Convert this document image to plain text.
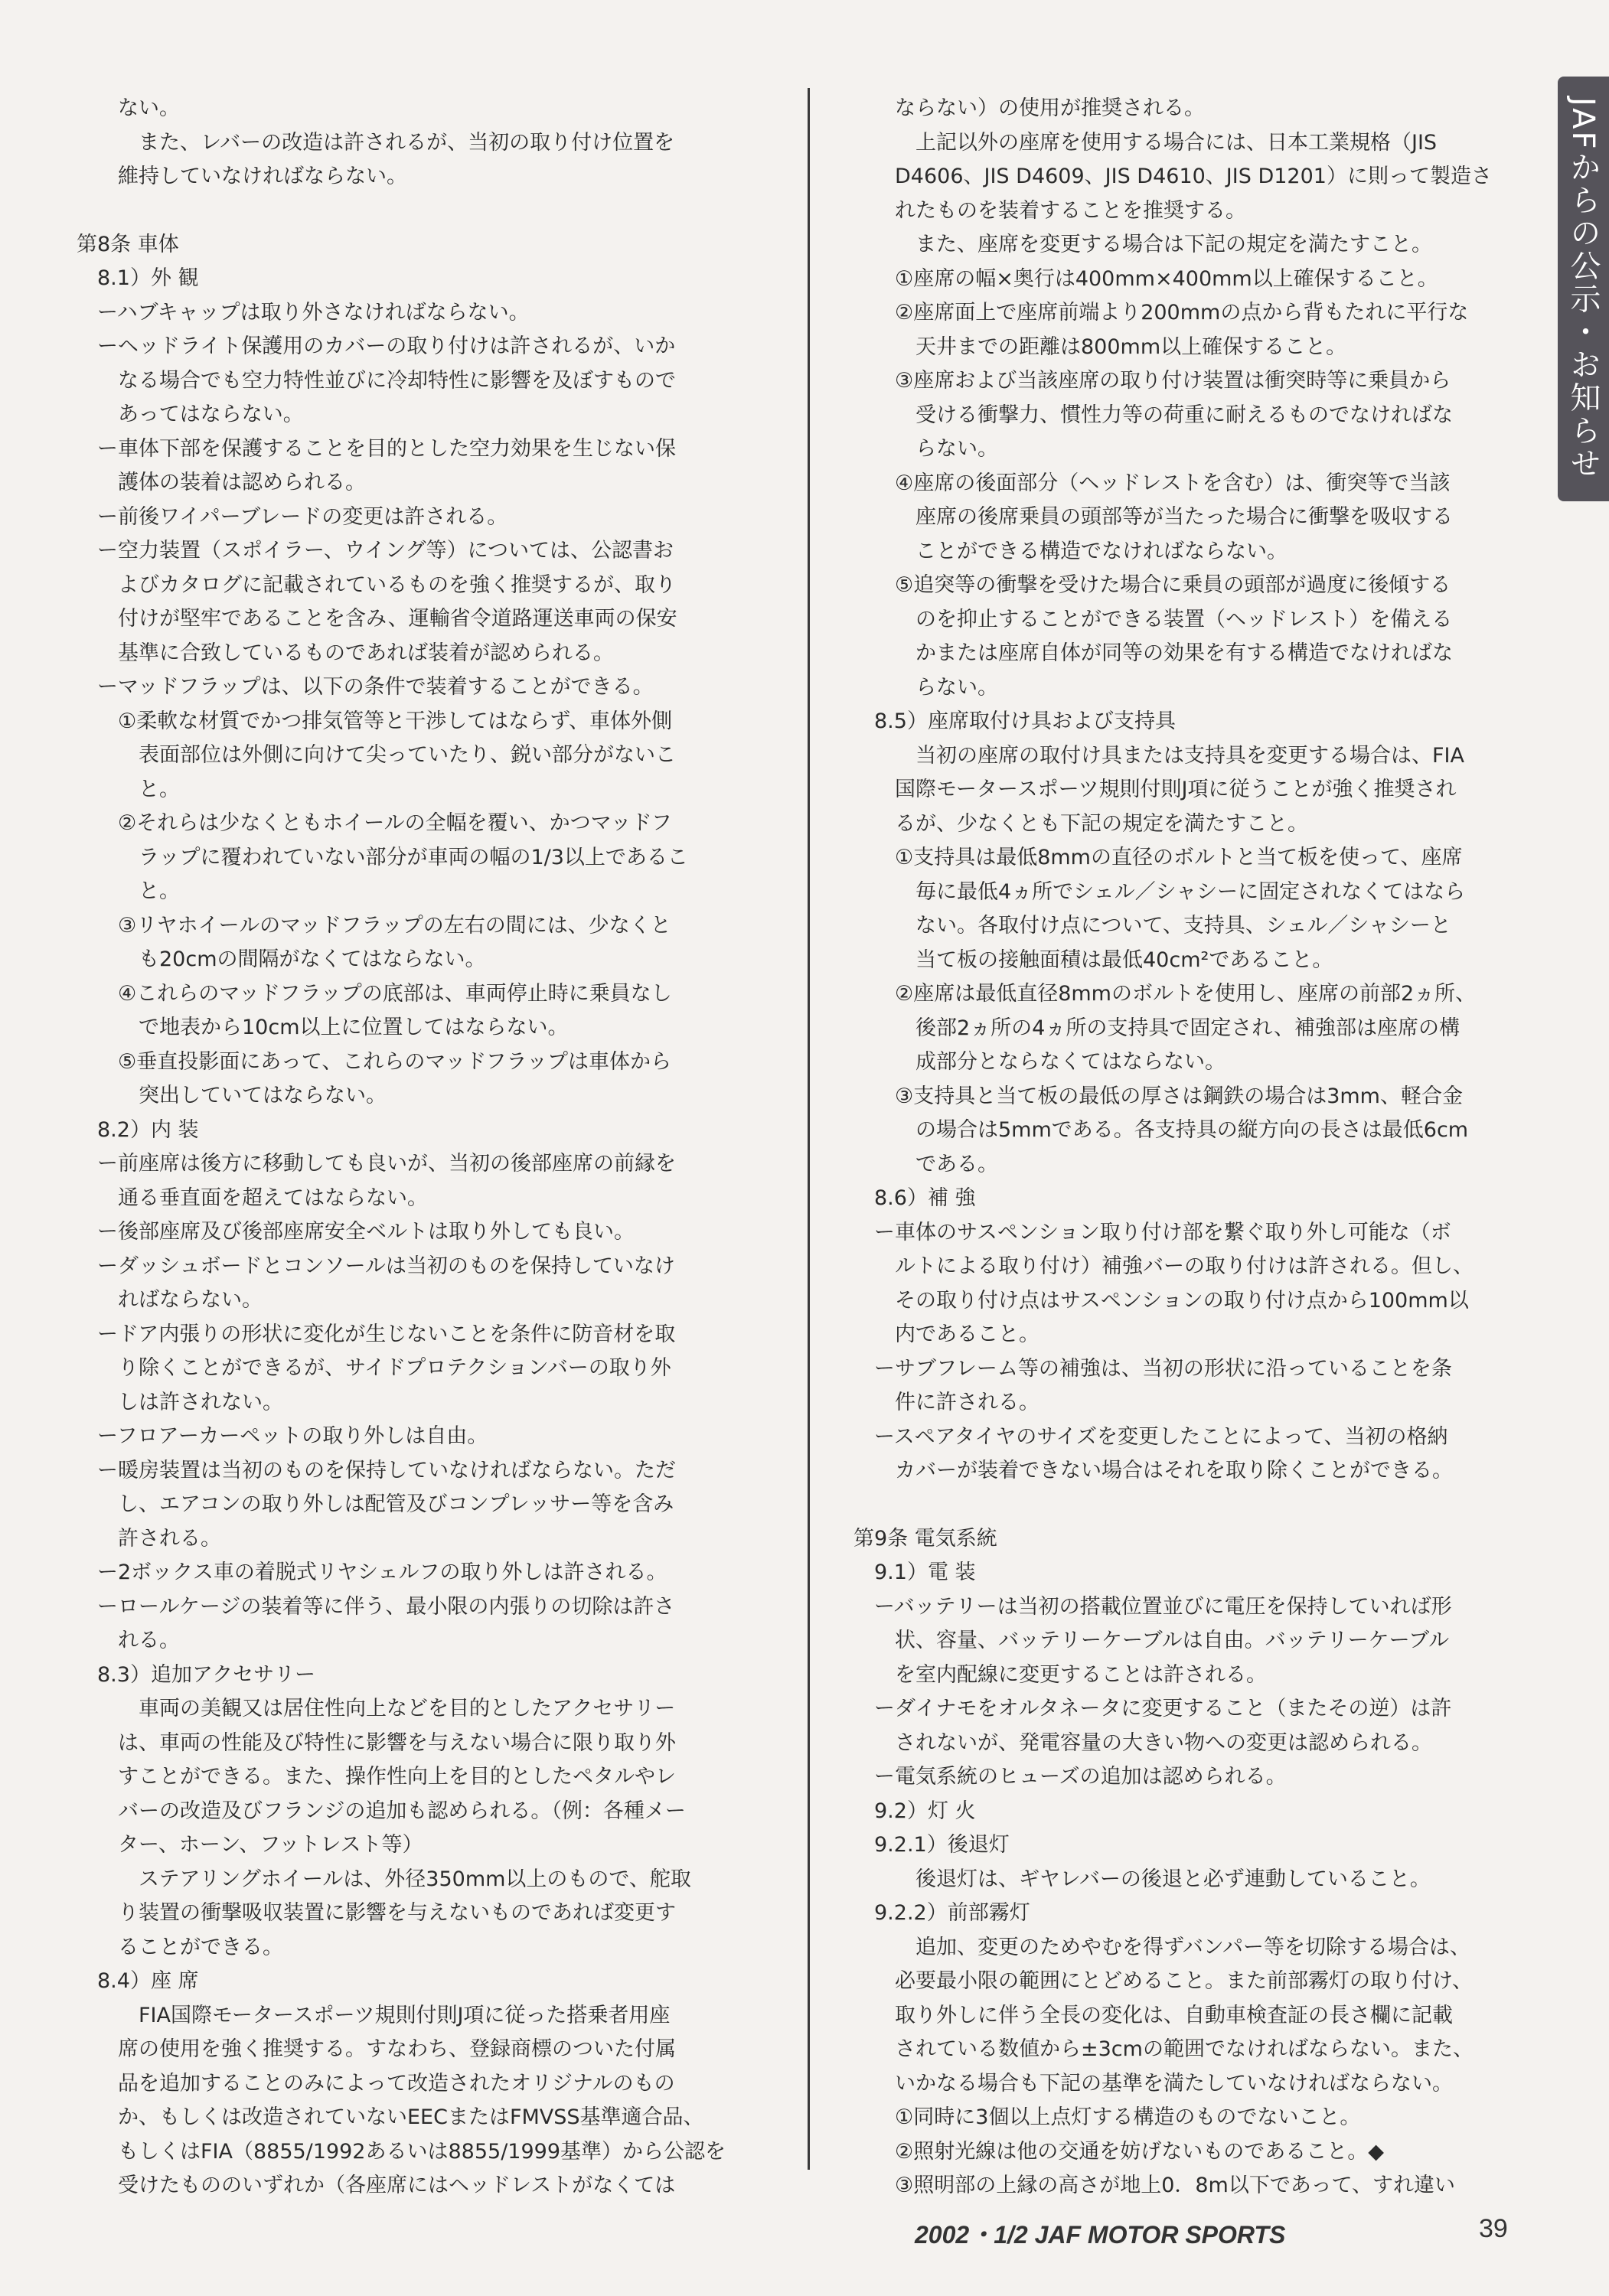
JAFからの公示・お知らせ
　　ない。
　　　また、レバーの改造は許されるが、当初の取り付け位置を
　　維持していなければならない。
第8条 車体
　8.1）外 観
　ーハブキャップは取り外さなければならない。
　ーヘッドライト保護用のカバーの取り付けは許されるが、いか
　　なる場合でも空力特性並びに冷却特性に影響を及ぼすもので
　　あってはならない。
　ー車体下部を保護することを目的とした空力効果を生じない保
　　護体の装着は認められる。
　ー前後ワイパーブレードの変更は許される。
　ー空力装置（スポイラー、ウイング等）については、公認書お
　　よびカタログに記載されているものを強く推奨するが、取り
　　付けが堅牢であることを含み、運輸省令道路運送車両の保安
　　基準に合致しているものであれば装着が認められる。
　ーマッドフラップは、以下の条件で装着することができる。
　　①柔軟な材質でかつ排気管等と干渉してはならず、車体外側
　　　表面部位は外側に向けて尖っていたり、鋭い部分がないこ
　　　と。
　　②それらは少なくともホイールの全幅を覆い、かつマッドフ
　　　ラップに覆われていない部分が車両の幅の1/3以上であるこ
　　　と。
　　③リヤホイールのマッドフラップの左右の間には、少なくと
　　　も20cmの間隔がなくてはならない。
　　④これらのマッドフラップの底部は、車両停止時に乗員なし
　　　で地表から10cm以上に位置してはならない。
　　⑤垂直投影面にあって、これらのマッドフラップは車体から
　　　突出していてはならない。
　8.2）内 装
　ー前座席は後方に移動しても良いが、当初の後部座席の前縁を
　　通る垂直面を超えてはならない。
　ー後部座席及び後部座席安全ベルトは取り外しても良い。
　ーダッシュボードとコンソールは当初のものを保持していなけ
　　ればならない。
　ードア内張りの形状に変化が生じないことを条件に防音材を取
　　り除くことができるが、サイドプロテクションバーの取り外
　　しは許されない。
　ーフロアーカーペットの取り外しは自由。
　ー暖房装置は当初のものを保持していなければならない。ただ
　　し、エアコンの取り外しは配管及びコンプレッサー等を含み
　　許される。
　ー2ボックス車の着脱式リヤシェルフの取り外しは許される。
　ーロールケージの装着等に伴う、最小限の内張りの切除は許さ
　　れる。
　8.3）追加アクセサリー
　　　車両の美観又は居住性向上などを目的としたアクセサリー
　　は、車両の性能及び特性に影響を与えない場合に限り取り外
　　すことができる。また、操作性向上を目的としたペタルやレ
　　バーの改造及びフランジの追加も認められる。（例：各種メー
　　ター、ホーン、フットレスト等）
　　　ステアリングホイールは、外径350mm以上のもので、舵取
　　り装置の衝撃吸収装置に影響を与えないものであれば変更す
　　ることができる。
　8.4）座 席
　　　FIA国際モータースポーツ規則付則J項に従った搭乗者用座
　　席の使用を強く推奨する。すなわち、登録商標のついた付属
　　品を追加することのみによって改造されたオリジナルのもの
　　か、もしくは改造されていないEECまたはFMVSS基準適合品、
　　もしくはFIA（8855/1992あるいは8855/1999基準）から公認を
　　受けたもののいずれか（各座席にはヘッドレストがなくては
　　ならない）の使用が推奨される。
　　　上記以外の座席を使用する場合には、日本工業規格（JIS
　　D4606、JIS D4609、JIS D4610、JIS D1201）に則って製造さ
　　れたものを装着することを推奨する。
　　　また、座席を変更する場合は下記の規定を満たすこと。
　　①座席の幅×奥行は400mm×400mm以上確保すること。
　　②座席面上で座席前端より200mmの点から背もたれに平行な
　　　天井までの距離は800mm以上確保すること。
　　③座席および当該座席の取り付け装置は衝突時等に乗員から
　　　受ける衝撃力、慣性力等の荷重に耐えるものでなければな
　　　らない。
　　④座席の後面部分（ヘッドレストを含む）は、衝突等で当該
　　　座席の後席乗員の頭部等が当たった場合に衝撃を吸収する
　　　ことができる構造でなければならない。
　　⑤追突等の衝撃を受けた場合に乗員の頭部が過度に後傾する
　　　のを抑止することができる装置（ヘッドレスト）を備える
　　　かまたは座席自体が同等の効果を有する構造でなければな
　　　らない。
　8.5）座席取付け具および支持具
　　　当初の座席の取付け具または支持具を変更する場合は、FIA
　　国際モータースポーツ規則付則J項に従うことが強く推奨され
　　るが、少なくとも下記の規定を満たすこと。
　　①支持具は最低8mmの直径のボルトと当て板を使って、座席
　　　毎に最低4ヵ所でシェル／シャシーに固定されなくてはなら
　　　ない。各取付け点について、支持具、シェル／シャシーと
　　　当て板の接触面積は最低40cm²であること。
　　②座席は最低直径8mmのボルトを使用し、座席の前部2ヵ所、
　　　後部2ヵ所の4ヵ所の支持具で固定され、補強部は座席の構
　　　成部分とならなくてはならない。
　　③支持具と当て板の最低の厚さは鋼鉄の場合は3mm、軽合金
　　　の場合は5mmである。各支持具の縦方向の長さは最低6cm
　　　である。
　8.6）補 強
　ー車体のサスペンション取り付け部を繋ぐ取り外し可能な（ボ
　　ルトによる取り付け）補強バーの取り付けは許される。但し、
　　その取り付け点はサスペンションの取り付け点から100mm以
　　内であること。
　ーサブフレーム等の補強は、当初の形状に沿っていることを条
　　件に許される。
　ースペアタイヤのサイズを変更したことによって、当初の格納
　　カバーが装着できない場合はそれを取り除くことができる。
第9条 電気系統
　9.1）電 装
　ーバッテリーは当初の搭載位置並びに電圧を保持していれば形
　　状、容量、バッテリーケーブルは自由。バッテリーケーブル
　　を室内配線に変更することは許される。
　ーダイナモをオルタネータに変更すること（またその逆）は許
　　されないが、発電容量の大きい物への変更は認められる。
　ー電気系統のヒューズの追加は認められる。
　9.2）灯 火
　9.2.1）後退灯
　　　後退灯は、ギヤレバーの後退と必ず連動していること。
　9.2.2）前部霧灯
　　　追加、変更のためやむを得ずバンパー等を切除する場合は、
　　必要最小限の範囲にとどめること。また前部霧灯の取り付け、
　　取り外しに伴う全長の変化は、自動車検査証の長さ欄に記載
　　されている数値から±3cmの範囲でなければならない。また、
　　いかなる場合も下記の基準を満たしていなければならない。
　　①同時に3個以上点灯する構造のものでないこと。
　　②照射光線は他の交通を妨げないものであること。◆
　　③照明部の上縁の高さが地上0．8m以下であって、すれ違い
2002・1/2 JAF MOTOR SPORTS	39
